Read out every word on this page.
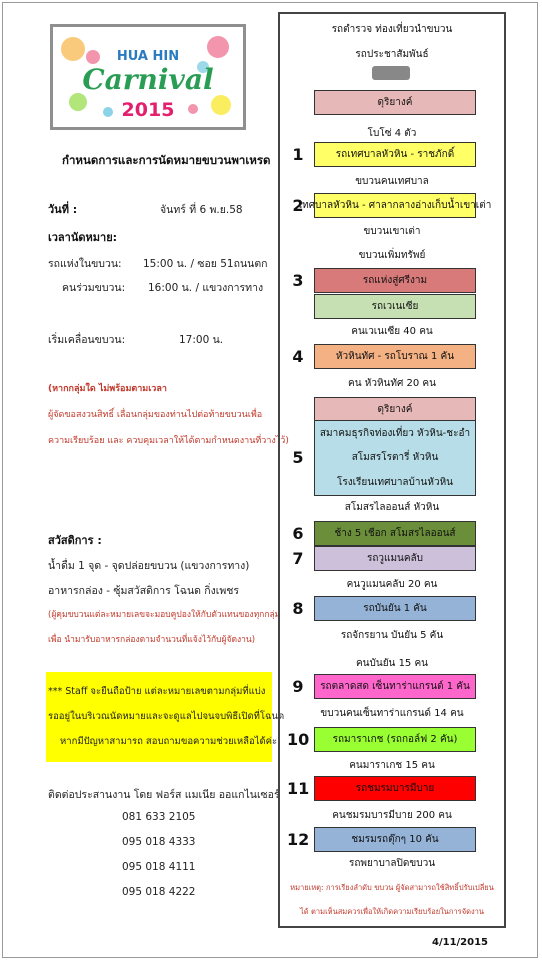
HUA HIN
Carnival
2015
กำหนดการและการนัดหมายขบวนพาเหรด
วันที่ :	จันทร์ ที่ 6 พ.ย.58
เวลานัดหมาย:
รถแห่งในขบวน: 15:00 น. / ซอย 51ถนนตก
คนร่วมขบวน: 16:00 น. / แขวงการทาง
เริ่มเคลื่อนขบวน:	17:00 น.
(หากกลุ่มใด ไม่พร้อมตามเวลา
ผู้จัดขอสงวนสิทธิ์ เลื่อนกลุ่มของท่านไปต่อท้ายขบวนเพื่อ
ความเรียบร้อย และ ควบคุมเวลาให้ได้ตามกำหนดงานที่วางไว้)
สวัสดิการ :
น้ำดื่ม 1 จุด - จุดปล่อยขบวน (แขวงการทาง)
อาหารกล่อง - ซุ้มสวัสดิการ โฉนด กิ่งเพชร
(ผู้คุมขบวนแต่ละหมายเลขจะมอบคูปองให้กับตัวแทนของทุกกลุ่ม
เพื่อ นำมารับอาหารกล่องตามจำนวนที่แจ้งไว้กับผู้จัดงาน)
*** Staff จะยืนถือป้าย แต่ละหมายเลขตามกลุ่มที่แบ่ง
รออยู่ในบริเวณนัดหมายและจะดูแลไปจนจบพิธีเปิดที่โฉนด
หากมีปัญหาสามารถ สอบถามขอความช่วยเหลือได้ค่ะ
ติดต่อประสานงาน โดย ฟอร์ส แมเนีย ออแกไนเซอร์
081 633 2105
095 018 4333
095 018 4111
095 018 4222
รถตำรวจ ท่องเที่ยวนำขบวน
รถประชาสัมพันธ์
ดุริยางค์
โบโซ่ 4 ตัว
รถเทศบาลหัวหิน - ราชภักดิ์
1
ขบวนคนเทศบาล
เทศบาลหัวหิน - ศาลากลางอ่างเก็บน้ำเขาเต่า
2
ขบวนเขาเต่า
ขบวนเพิ่มทรัพย์
รถแห่งสู่ศรีงาม
3
รถเวเนเซีย
คนเวเนเซีย 40 คน
หัวหินทัศ - รถโบราณ 1 คัน
4
คน หัวหินทัศ 20 คน
ดุริยางค์
สมาคมธุรกิจท่องเที่ยว หัวหิน-ชะอำ
สโมสรโรตารี่ หัวหิน
โรงเรียนเทศบาลบ้านหัวหิน
5
สโมสรไลออนส์ หัวหิน
ช้าง 5 เชือก สโมสรไลออนส์
6
รถวูแมนคลับ
7
คนวูแมนคลับ 20 คน
รถบันยัน 1 คัน
8
รถจักรยาน บันยัน 5 คัน
คนบันยัน 15 คน
รถตลาดสด เซ็นทาร่าแกรนด์ 1 คัน
9
ขบวนคนเซ็นทาร่าแกรนด์ 14 คน
รถมาราเกช (รถกอล์ฟ 2 คัน)
10
คนมาราเกช 15 คน
รถชมรมบารมีบาย
11
คนชมรมบารมีบาย 200 คน
ชมรมรถตุ๊กๆ 10 คัน
12
รถพยาบาลปิดขบวน
หมายเหตุ: การเรียงลำดับ ขบวน ผู้จัดสามารถใช้สิทธิ์ปรับเปลี่ยน
ได้ ตามเห็นสมควรเพื่อให้เกิดความเรียบร้อยในการจัดงาน
4/11/2015
